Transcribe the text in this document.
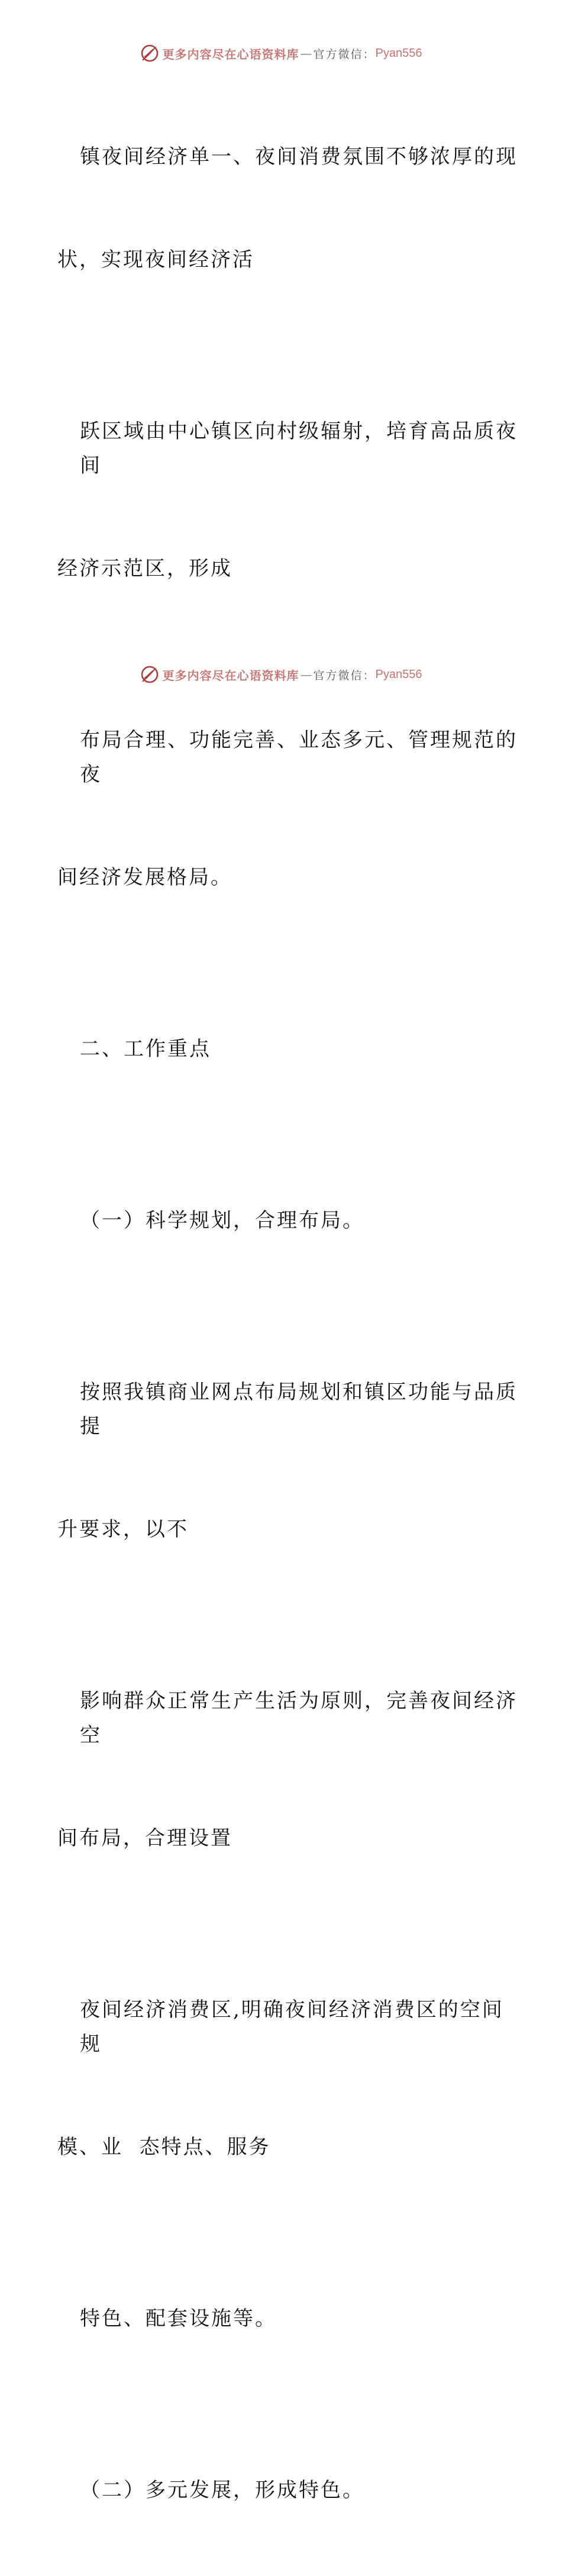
更多内容尽在心语资料库 — 官方微信： Pyan556

镇夜间经济单一、夜间消费氛围不够浓厚的现

状，实现夜间经济活

跃区域由中心镇区向村级辐射，培育高品质夜间

经济示范区，形成

布局合理、功能完善、业态多元、管理规范的夜

间经济发展格局。

二、工作重点

（一）科学规划，合理布局。

按照我镇商业网点布局规划和镇区功能与品质提

升要求，以不

影响群众正常生产生活为原则，完善夜间经济空

间布局，合理设置

夜间经济消费区,明确夜间经济消费区的空间规

模、业  态特点、服务

特色、配套设施等。

（二）多元发展，形成特色。

更多内容尽在心语资料库 — 官方微信： Pyan556
